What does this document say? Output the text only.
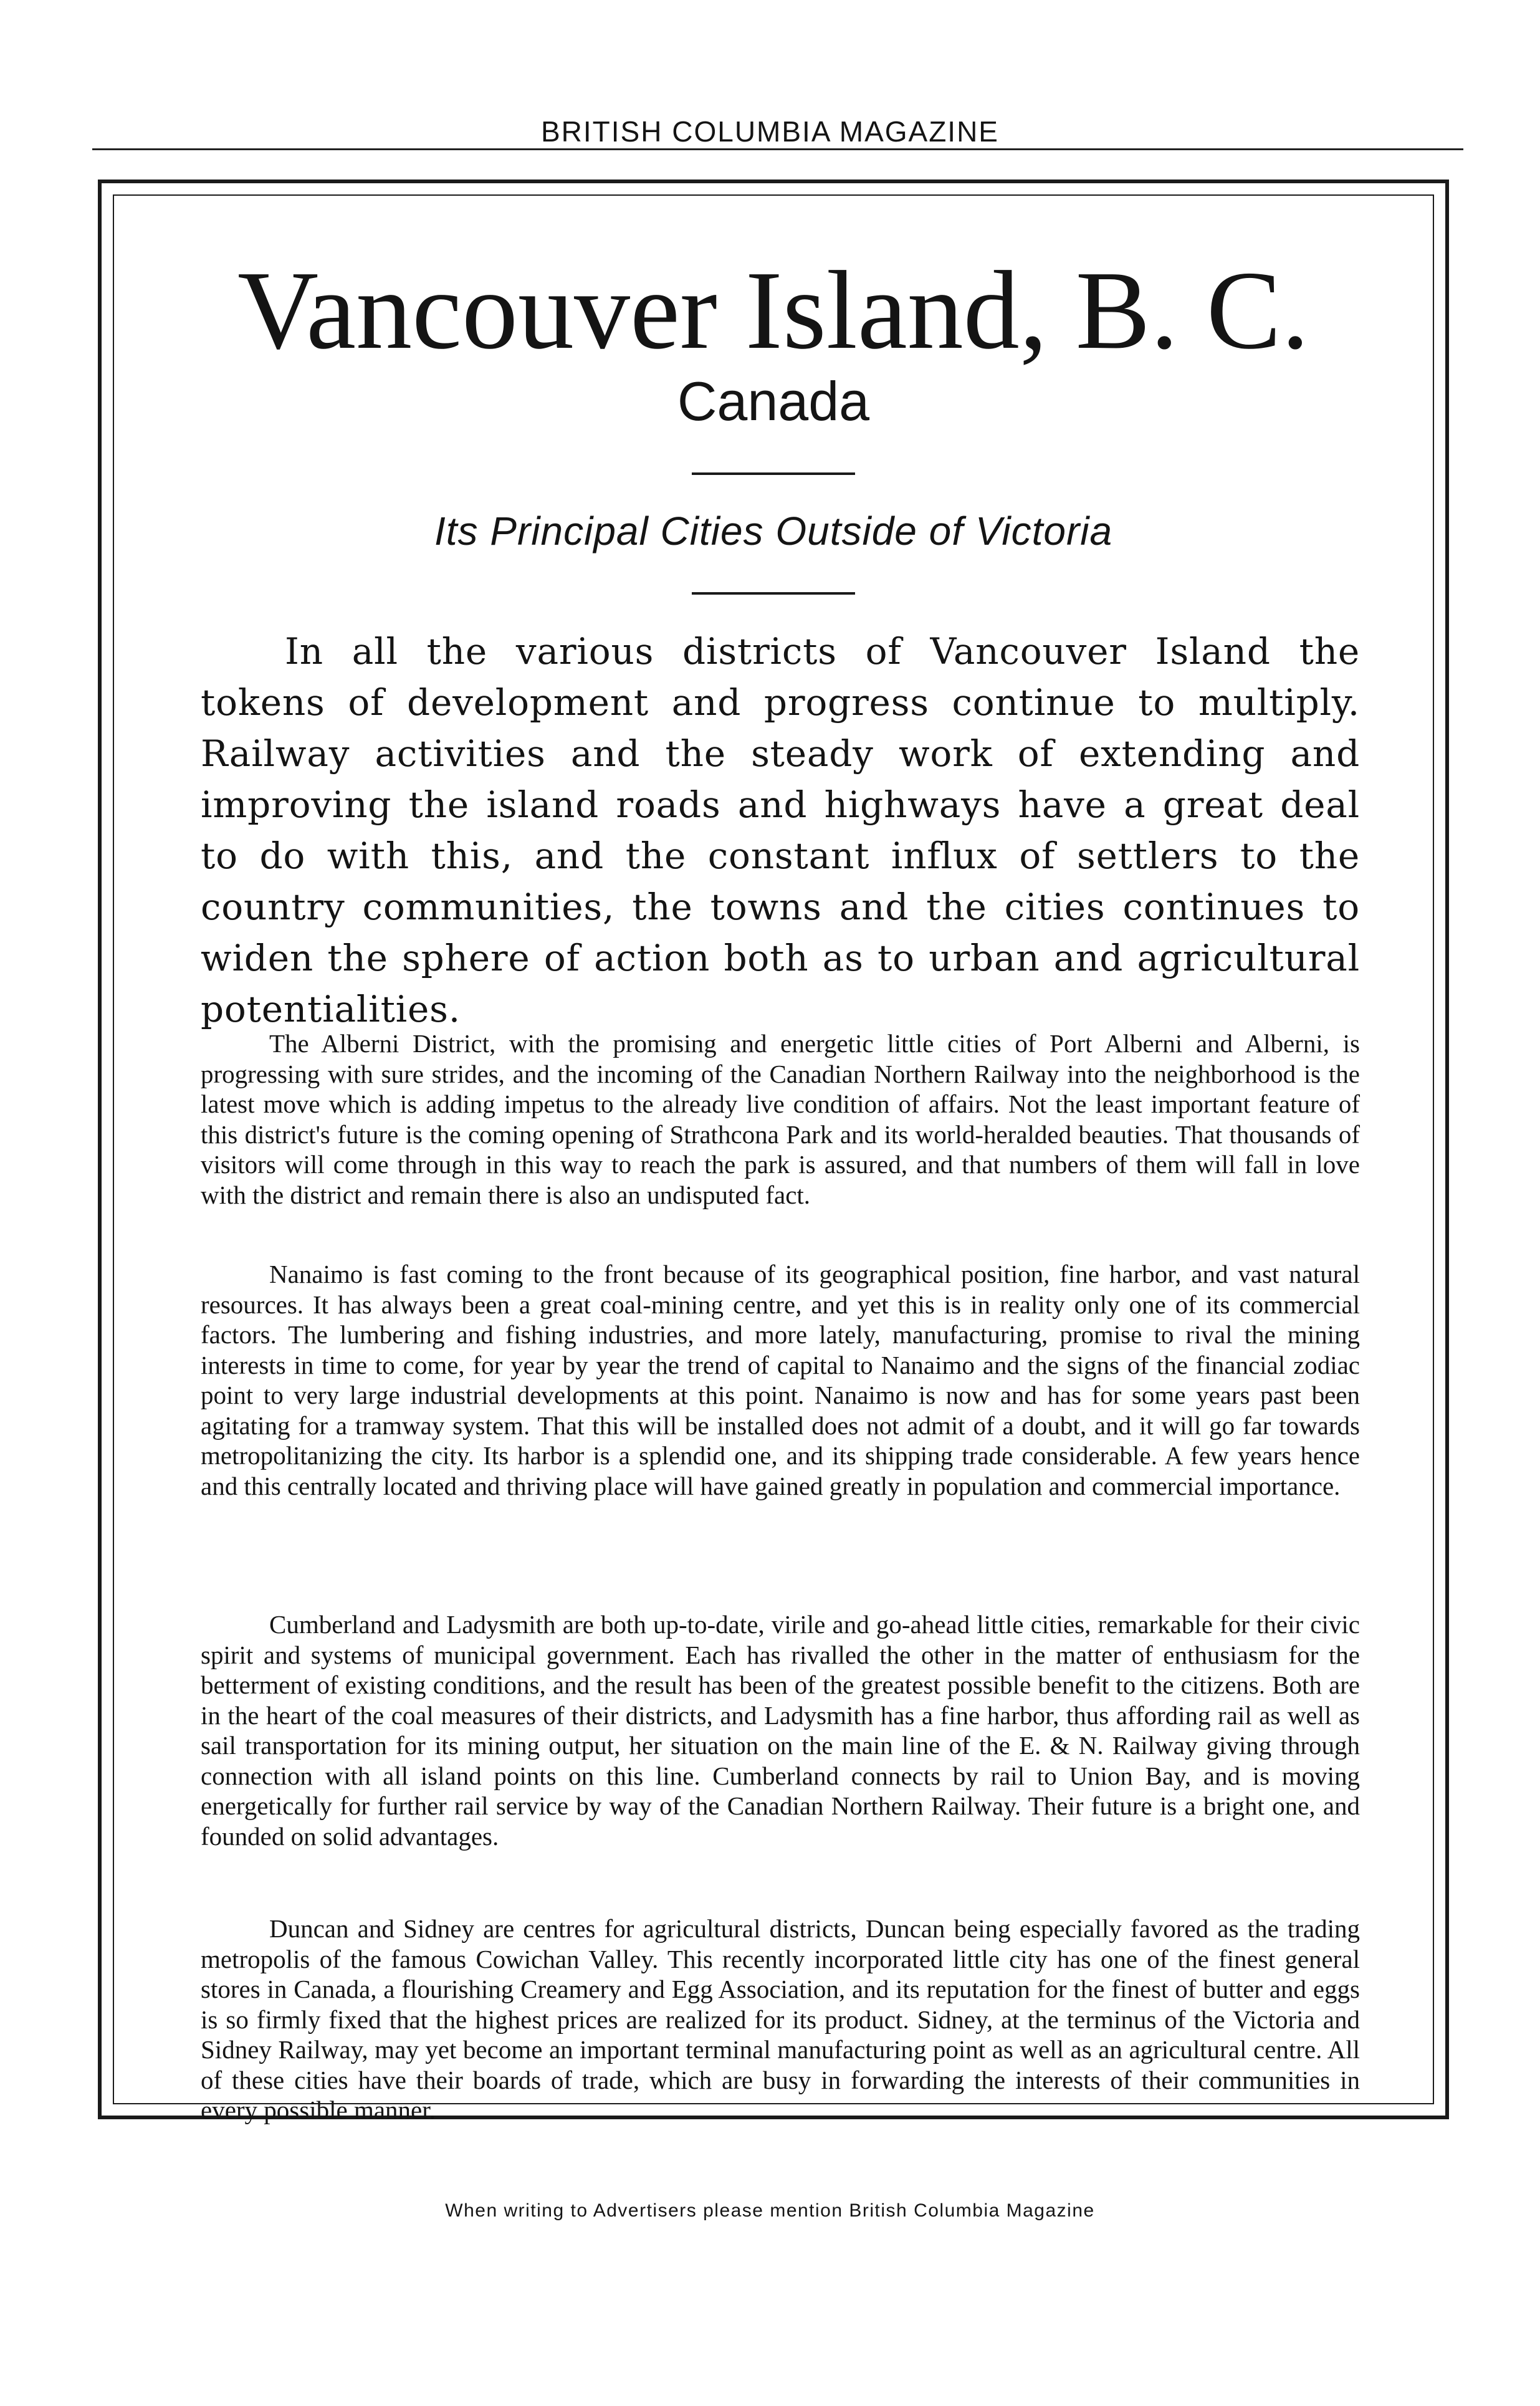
BRITISH COLUMBIA MAGAZINE
Vancouver Island, B. C.
Canada
Its Principal Cities Outside of Victoria

In all the various districts of Vancouver Island the tokens of development and progress continue to multiply. Railway activities and the steady work of extending and improving the island roads and highways have a great deal to do with this, and the constant influx of settlers to the country communities, the towns and the cities continues to widen the sphere of action both as to urban and agricultural potentialities.

The Alberni District, with the promising and energetic little cities of Port Alberni and Alberni, is progressing with sure strides, and the incoming of the Canadian Northern Railway into the neighborhood is the latest move which is adding impetus to the already live condition of affairs. Not the least important feature of this district's future is the coming opening of Strathcona Park and its world-heralded beauties. That thousands of visitors will come through in this way to reach the park is assured, and that numbers of them will fall in love with the district and remain there is also an undisputed fact.

Nanaimo is fast coming to the front because of its geographical position, fine harbor, and vast natural resources. It has always been a great coal-mining centre, and yet this is in reality only one of its commercial factors. The lumbering and fishing industries, and more lately, manufacturing, promise to rival the mining interests in time to come, for year by year the trend of capital to Nanaimo and the signs of the financial zodiac point to very large industrial developments at this point. Nanaimo is now and has for some years past been agitating for a tramway system. That this will be installed does not admit of a doubt, and it will go far towards metropolitanizing the city. Its harbor is a splendid one, and its shipping trade considerable. A few years hence and this centrally located and thriving place will have gained greatly in population and commercial importance.

Cumberland and Ladysmith are both up-to-date, virile and go-ahead little cities, remarkable for their civic spirit and systems of municipal government. Each has rivalled the other in the matter of enthusiasm for the betterment of existing conditions, and the result has been of the greatest possible benefit to the citizens. Both are in the heart of the coal measures of their districts, and Ladysmith has a fine harbor, thus affording rail as well as sail transportation for its mining output, her situation on the main line of the E. & N. Railway giving through connection with all island points on this line. Cumberland connects by rail to Union Bay, and is moving energetically for further rail service by way of the Canadian Northern Railway. Their future is a bright one, and founded on solid advantages.

Duncan and Sidney are centres for agricultural districts, Duncan being especially favored as the trading metropolis of the famous Cowichan Valley. This recently incorporated little city has one of the finest general stores in Canada, a flourishing Creamery and Egg Association, and its reputation for the finest of butter and eggs is so firmly fixed that the highest prices are realized for its product. Sidney, at the terminus of the Victoria and Sidney Railway, may yet become an important terminal manufacturing point as well as an agricultural centre. All of these cities have their boards of trade, which are busy in forwarding the interests of their communities in every possible manner.

When writing to Advertisers please mention British Columbia Magazine
